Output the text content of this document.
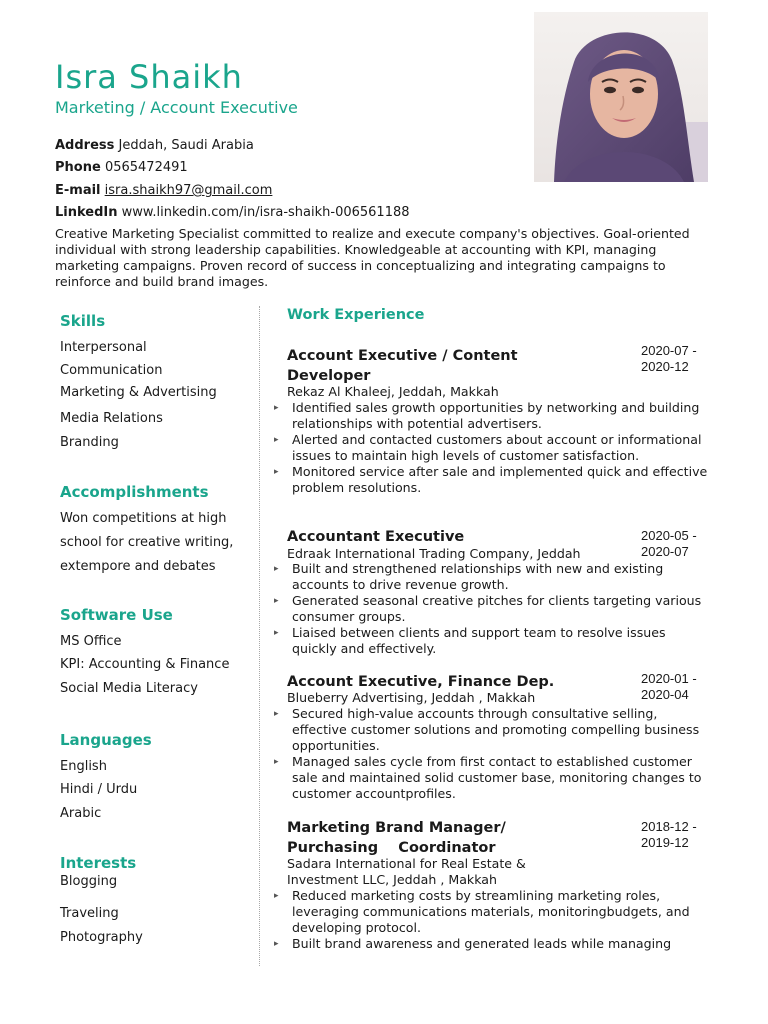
Isra Shaikh
Marketing / Account Executive
Address Jeddah, Saudi Arabia
Phone 0565472491
E-mail isra.shaikh97@gmail.com
LinkedIn www.linkedin.com/in/isra-shaikh-006561188
Creative Marketing Specialist committed to realize and execute company's objectives. Goal-oriented individual with strong leadership capabilities. Knowledgeable at accounting with KPI, managing marketing campaigns. Proven record of success in conceptualizing and integrating campaigns to reinforce and build brand images.
Skills
Interpersonal
Communication
Marketing & Advertising
Media Relations
Branding
Accomplishments
Won competitions at high
school for creative writing,
extempore and debates
Software Use
MS Office
KPI: Accounting & Finance
Social Media Literacy
Languages
English
Hindi / Urdu
Arabic
Interests
Blogging
Traveling
Photography
Work Experience
Account Executive / Content
Developer
2020-07 -
2020-12
Rekaz Al Khaleej, Jeddah, Makkah
▸ Identified sales growth opportunities by networking and building relationships with potential advertisers.
▸ Alerted and contacted customers about account or informational issues to maintain high levels of customer satisfaction.
▸ Monitored service after sale and implemented quick and effective problem resolutions.
Accountant Executive	2020-05 -
2020-07
Edraak International Trading Company, Jeddah
▸ Built and strengthened relationships with new and existing accounts to drive revenue growth.
▸ Generated seasonal creative pitches for clients targeting various consumer groups.
▸ Liaised between clients and support team to resolve issues quickly and effectively.
Account Executive, Finance Dep.	2020-01 -
2020-04
Blueberry Advertising, Jeddah , Makkah
▸ Secured high-value accounts through consultative selling, effective customer solutions and promoting compelling business opportunities.
▸ Managed sales cycle from first contact to established customer sale and maintained solid customer base, monitoring changes to customer accountprofiles.
Marketing Brand Manager/
Purchasing    Coordinator
2018-12 -
2019-12
Sadara International for Real Estate &
Investment LLC, Jeddah , Makkah
▸ Reduced marketing costs by streamlining marketing roles, leveraging communications materials, monitoringbudgets, and developing protocol.
▸ Built brand awareness and generated leads while managing
